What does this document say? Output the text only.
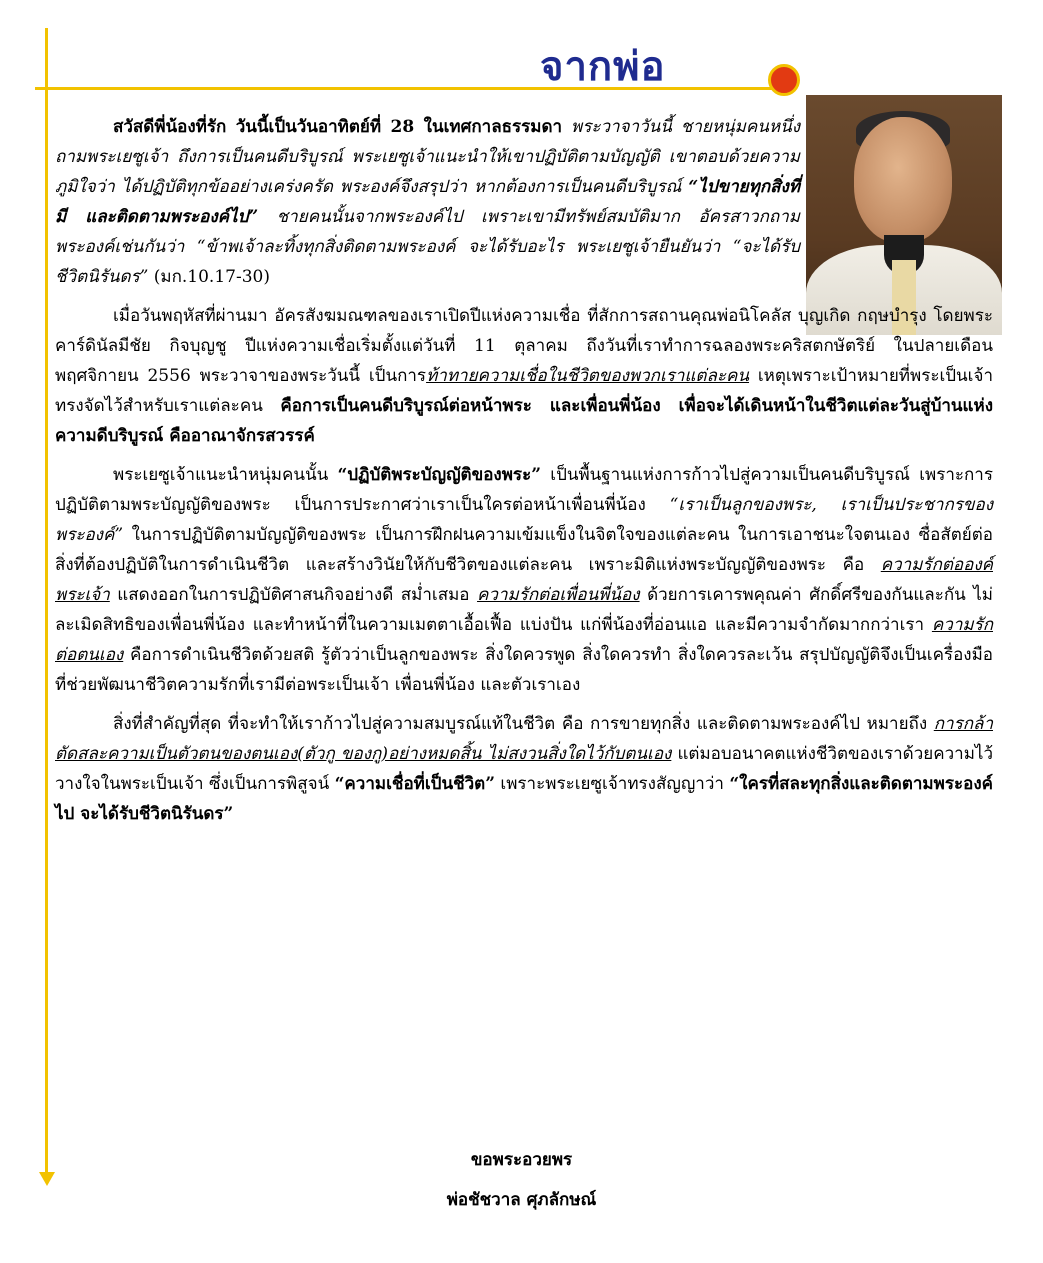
จากพ่อ

สวัสดีพี่น้องที่รัก วันนี้เป็นวันอาทิตย์ที่ 28 ในเทศกาลธรรมดา พระวาจาวันนี้ ชายหนุ่มคนหนึ่งถามพระเยซูเจ้า ถึงการเป็นคนดีบริบูรณ์ พระเยซูเจ้าแนะนำให้เขาปฏิบัติตามบัญญัติ เขาตอบด้วยความภูมิใจว่า ได้ปฏิบัติทุกข้ออย่างเคร่งครัด พระองค์จึงสรุปว่า หากต้องการเป็นคนดีบริบูรณ์ “ไปขายทุกสิ่งที่มี และติดตามพระองค์ไป” ชายคนนั้นจากพระองค์ไป เพราะเขามีทรัพย์สมบัติมาก อัครสาวกถามพระองค์เช่นกันว่า “ข้าพเจ้าละทิ้งทุกสิ่งติดตามพระองค์ จะได้รับอะไร พระเยซูเจ้ายืนยันว่า “จะได้รับชีวิตนิรันดร” (มก.10.17-30)

เมื่อวันพฤหัสที่ผ่านมา อัครสังฆมณฑลของเราเปิดปีแห่งความเชื่อ ที่สักการสถานคุณพ่อนิโคลัส บุญเกิด กฤษบำรุง โดยพระคาร์ดินัลมีชัย กิจบุญชู ปีแห่งความเชื่อเริ่มตั้งแต่วันที่ 11 ตุลาคม ถึงวันที่เราทำการฉลองพระคริสตกษัตริย์ ในปลายเดือนพฤศจิกายน 2556 พระวาจาของพระวันนี้ เป็นการท้าทายความเชื่อในชีวิตของพวกเราแต่ละคน เหตุเพราะเป้าหมายที่พระเป็นเจ้าทรงจัดไว้สำหรับเราแต่ละคน คือการเป็นคนดีบริบูรณ์ต่อหน้าพระ และเพื่อนพี่น้อง เพื่อจะได้เดินหน้าในชีวิตแต่ละวันสู่บ้านแห่งความดีบริบูรณ์ คืออาณาจักรสวรรค์

พระเยซูเจ้าแนะนำหนุ่มคนนั้น “ปฏิบัติพระบัญญัติของพระ” เป็นพื้นฐานแห่งการก้าวไปสู่ความเป็นคนดีบริบูรณ์ เพราะการปฏิบัติตามพระบัญญัติของพระ เป็นการประกาศว่าเราเป็นใครต่อหน้าเพื่อนพี่น้อง “เราเป็นลูกของพระ, เราเป็นประชากรของพระองค์” ในการปฏิบัติตามบัญญัติของพระ เป็นการฝึกฝนความเข้มแข็งในจิตใจของแต่ละคน ในการเอาชนะใจตนเอง ซื่อสัตย์ต่อสิ่งที่ต้องปฏิบัติในการดำเนินชีวิต และสร้างวินัยให้กับชีวิตของแต่ละคน เพราะมิติแห่งพระบัญญัติของพระ คือ ความรักต่อองค์พระเจ้า แสดงออกในการปฏิบัติศาสนกิจอย่างดี สม่ำเสมอ ความรักต่อเพื่อนพี่น้อง ด้วยการเคารพคุณค่า ศักดิ์ศรีของกันและกัน ไม่ละเมิดสิทธิของเพื่อนพี่น้อง และทำหน้าที่ในความเมตตาเอื้อเฟื้อ แบ่งปัน แก่พี่น้องที่อ่อนแอ และมีความจำกัดมากกว่าเรา ความรักต่อตนเอง คือการดำเนินชีวิตด้วยสติ รู้ตัวว่าเป็นลูกของพระ สิ่งใดควรพูด สิ่งใดควรทำ สิ่งใดควรละเว้น สรุปบัญญัติจึงเป็นเครื่องมือที่ช่วยพัฒนาชีวิตความรักที่เรามีต่อพระเป็นเจ้า เพื่อนพี่น้อง และตัวเราเอง

สิ่งที่สำคัญที่สุด ที่จะทำให้เราก้าวไปสู่ความสมบูรณ์แท้ในชีวิต คือ การขายทุกสิ่ง และติดตามพระองค์ไป หมายถึง การกล้าตัดสละความเป็นตัวตนของตนเอง(ตัวกู ของกู)อย่างหมดสิ้น ไม่สงวนสิ่งใดไว้กับตนเอง แต่มอบอนาคตแห่งชีวิตของเราด้วยความไว้วางใจในพระเป็นเจ้า ซึ่งเป็นการพิสูจน์ “ความเชื่อที่เป็นชีวิต” เพราะพระเยซูเจ้าทรงสัญญาว่า “ใครที่สละทุกสิ่งและติดตามพระองค์ไป จะได้รับชีวิตนิรันดร”

ขอพระอวยพร
พ่อชัชวาล ศุภลักษณ์
